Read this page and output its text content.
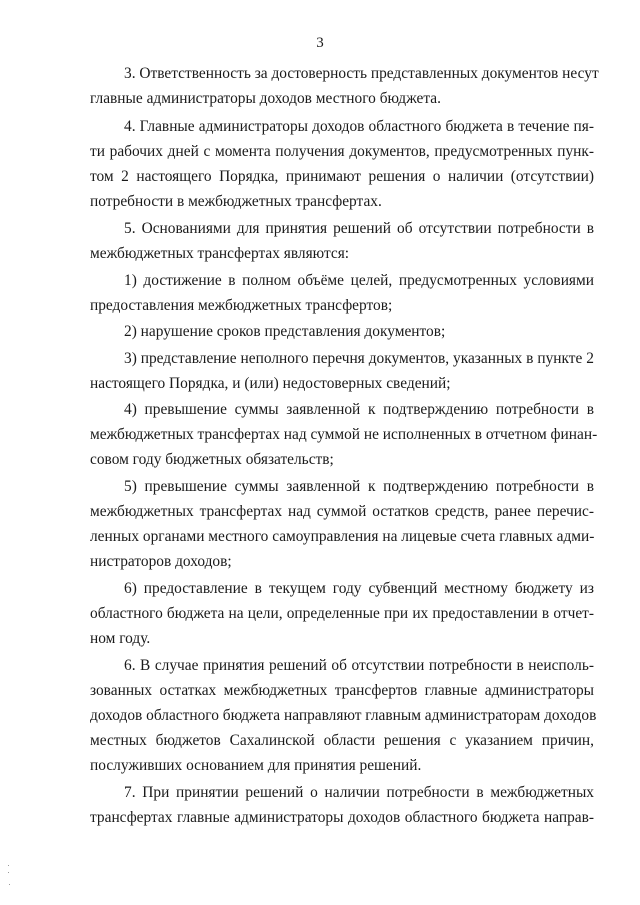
3
3. Ответственность за достоверность представленных документов несут
главные администраторы доходов местного бюджета.
4. Главные администраторы доходов областного бюджета в течение пя-
ти рабочих дней с момента получения документов, предусмотренных пунк-
том 2 настоящего Порядка, принимают решения о наличии (отсутствии)
потребности в межбюджетных трансфертах.
5. Основаниями для принятия решений об отсутствии потребности в
межбюджетных трансфертах являются:
1) достижение в полном объёме целей, предусмотренных условиями
предоставления межбюджетных трансфертов;
2) нарушение сроков представления документов;
3) представление неполного перечня документов, указанных в пункте 2
настоящего Порядка, и (или) недостоверных сведений;
4) превышение суммы заявленной к подтверждению потребности в
межбюджетных трансфертах над суммой не исполненных в отчетном финан-
совом году бюджетных обязательств;
5) превышение суммы заявленной к подтверждению потребности в
межбюджетных трансфертах над суммой остатков средств, ранее перечис-
ленных органами местного самоуправления на лицевые счета главных адми-
нистраторов доходов;
6) предоставление в текущем году субвенций местному бюджету из
областного бюджета на цели, определенные при их предоставлении в отчет-
ном году.
6. В случае принятия решений об отсутствии потребности в неисполь-
зованных остатках межбюджетных трансфертов главные администраторы
доходов областного бюджета направляют главным администраторам доходов
местных бюджетов Сахалинской области решения с указанием причин,
послуживших основанием для принятия решений.
7. При принятии решений о наличии потребности в межбюджетных
трансфертах главные администраторы доходов областного бюджета направ-
